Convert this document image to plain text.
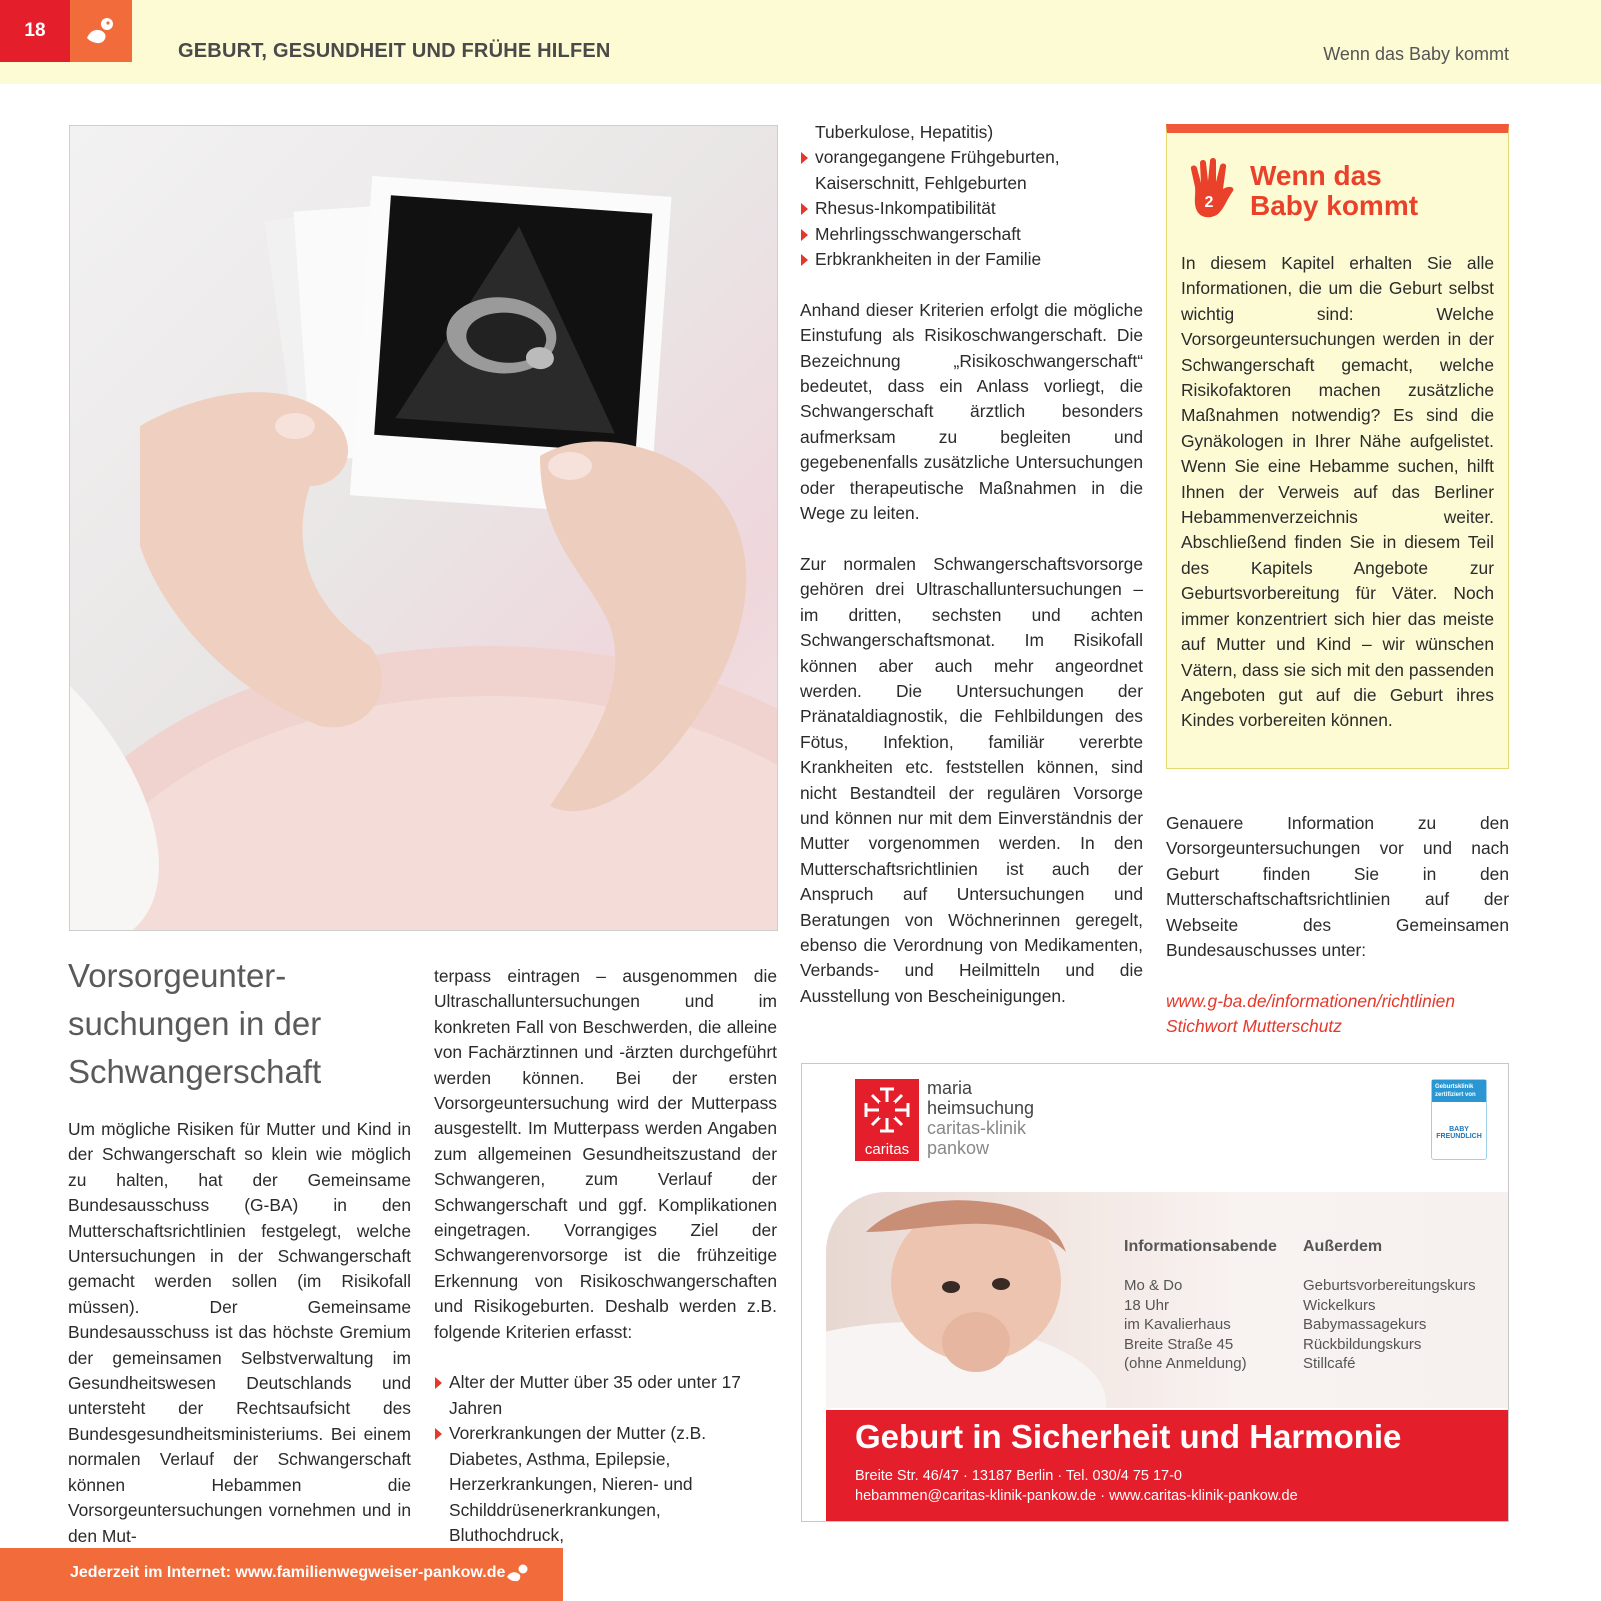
18
GEBURT, GESUNDHEIT UND FRÜHE HILFEN	Wenn das Baby kommt
Vorsorgeunter-
suchungen in der
Schwangerschaft

Um mögliche Risiken für Mutter und Kind in der Schwangerschaft so klein wie möglich zu halten, hat der Gemeinsame Bundesausschuss (G-BA) in den Mutterschaftsrichtlinien festgelegt, welche Untersuchungen in der Schwangerschaft gemacht werden sollen (im Risikofall müssen). Der Gemeinsame Bundesausschuss ist das höchste Gremium der gemeinsamen Selbstverwaltung im Gesundheitswesen Deutschlands und untersteht der Rechtsaufsicht des Bundesgesundheitsministeriums. Bei einem normalen Verlauf der Schwangerschaft können Hebammen die Vorsorgeuntersuchungen vornehmen und in den Mut-

terpass eintragen – ausgenommen die Ultraschalluntersuchungen und im konkreten Fall von Beschwerden, die alleine von Fachärztinnen und -ärzten durchgeführt werden können. Bei der ersten Vorsorgeuntersuchung wird der Mutterpass ausgestellt. Im Mutterpass werden Angaben zum allgemeinen Gesundheitszustand der Schwangeren, zum Verlauf der Schwangerschaft und ggf. Komplikationen eingetragen. Vorrangiges Ziel der Schwangerenvorsorge ist die frühzeitige Erkennung von Risikoschwangerschaften und Risikogeburten. Deshalb werden z.B. folgende Kriterien erfasst:

Alter der Mutter über 35 oder unter 17 Jahren
Vorerkrankungen der Mutter (z.B. Diabetes, Asthma, Epilepsie, Herzerkrankungen, Nieren- und Schilddrüsenerkrankungen, Bluthochdruck,

Tuberkulose, Hepatitis)

vorangegangene Frühgeburten, Kaiserschnitt, Fehlgeburten
Rhesus-Inkompatibilität
Mehrlingsschwangerschaft
Erbkrankheiten in der Familie

Anhand dieser Kriterien erfolgt die mögliche Einstufung als Risikoschwangerschaft. Die Bezeichnung „Risikoschwangerschaft“ bedeutet, dass ein Anlass vorliegt, die Schwangerschaft ärztlich besonders aufmerksam zu begleiten und gegebenenfalls zusätzliche Untersuchungen oder therapeutische Maßnahmen in die Wege zu leiten.

Zur normalen Schwangerschaftsvorsorge gehören drei Ultraschalluntersuchungen – im dritten, sechsten und achten Schwangerschaftsmonat. Im Risikofall können aber auch mehr angeordnet werden. Die Untersuchungen der Pränataldiagnostik, die Fehlbildungen des Fötus, Infektion, familiär vererbte Krankheiten etc. feststellen können, sind nicht Bestandteil der regulären Vorsorge und können nur mit dem Einverständnis der Mutter vorgenommen werden. In den Mutterschaftsrichtlinien ist auch der Anspruch auf Untersuchungen und Beratungen von Wöchnerinnen geregelt, ebenso die Verordnung von Medikamenten, Verbands- und Heilmitteln und die Ausstellung von Bescheinigungen.

2
Wenn das
Baby kommt

In diesem Kapitel erhalten Sie alle Informationen, die um die Geburt selbst wichtig sind: Welche Vorsorgeuntersuchungen werden in der Schwangerschaft gemacht, welche Risikofaktoren machen zusätzliche Maßnahmen notwendig? Es sind die Gynäkologen in Ihrer Nähe aufgelistet. Wenn Sie eine Hebamme suchen, hilft Ihnen der Verweis auf das Berliner Hebammenverzeichnis weiter. Abschließend finden Sie in diesem Teil des Kapitels Angebote zur Geburtsvorbereitung für Väter. Noch immer konzentriert sich hier das meiste auf Mutter und Kind – wir wünschen Vätern, dass sie sich mit den passenden Angeboten gut auf die Geburt ihres Kindes vorbereiten können.

Genauere Information zu den Vorsorgeuntersuchungen vor und nach Geburt finden Sie in den Mutterschaftschaftsrichtlinien auf der Webseite des Gemeinsamen Bundesauschusses unter:

www.g-ba.de/informationen/richtlinien

Stichwort Mutterschutz

caritas
maria
heimsuchung
caritas-klinik
pankow
Geburtsklinik zertifiziert von
BABY FREUNDLICH
Informationsabende
Mo & Do
18 Uhr
im Kavalierhaus
Breite Straße 45
(ohne Anmeldung)
Außerdem
Geburtsvorbereitungskurs
Wickelkurs
Babymassagekurs
Rückbildungskurs
Stillcafé
Geburt in Sicherheit und Harmonie
Breite Str. 46/47 · 13187 Berlin · Tel. 030/4 75 17-0
hebammen@caritas-klinik-pankow.de · www.caritas-klinik-pankow.de
Jederzeit im Internet: www.familienwegweiser-pankow.de
